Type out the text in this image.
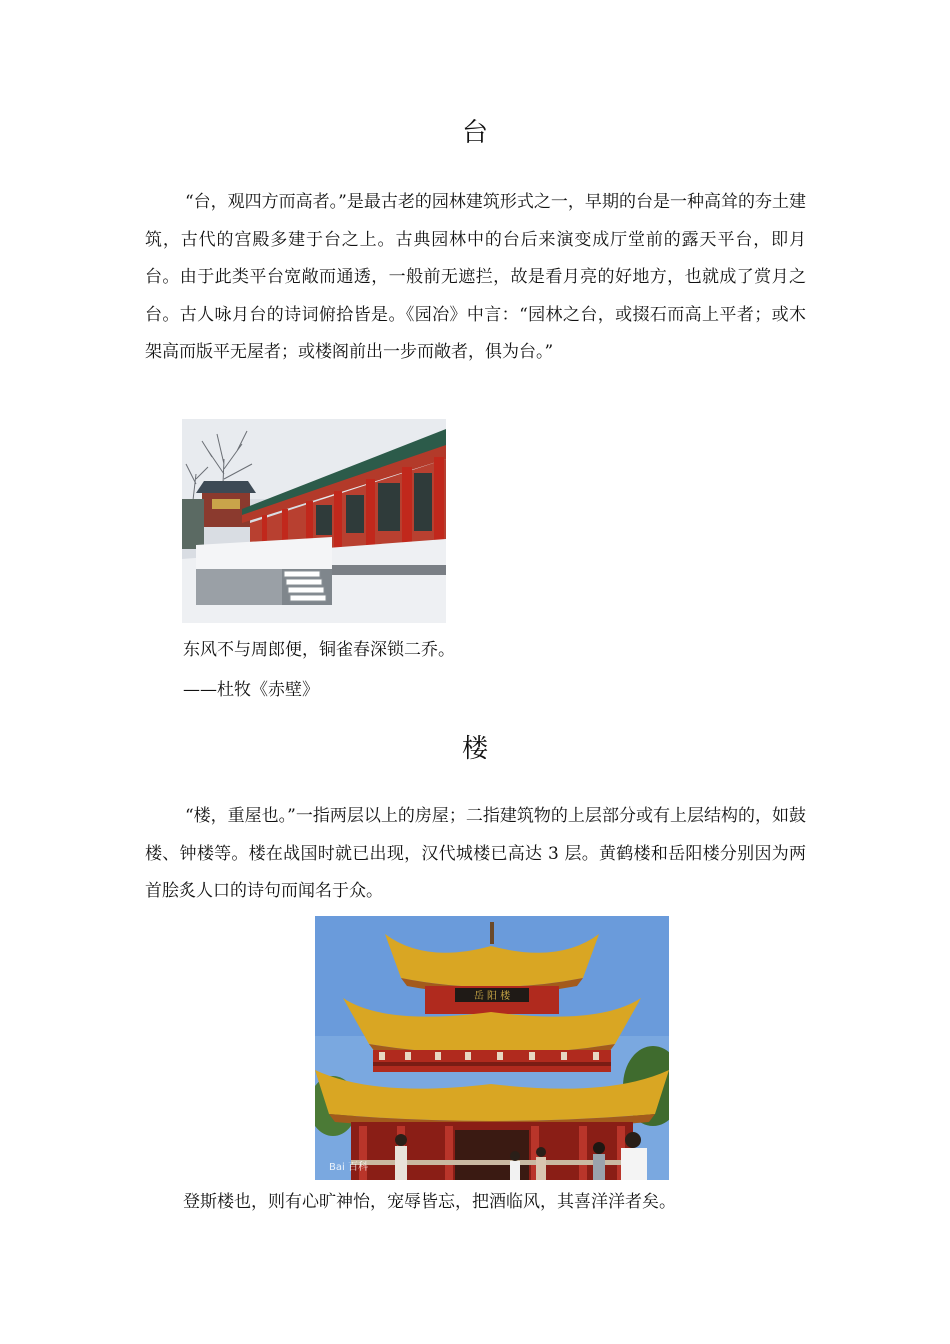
台

“台，观四方而高者。”是最古老的园林建筑形式之一，早期的台是一种高耸的夯土建筑，古代的宫殿多建于台之上。古典园林中的台后来演变成厅堂前的露天平台，即月台。由于此类平台宽敞而通透，一般前无遮拦，故是看月亮的好地方，也就成了赏月之台。古人咏月台的诗词俯拾皆是。《园冶》中言：“园林之台，或掇石而高上平者；或木架高而版平无屋者；或楼阁前出一步而敞者，俱为台。”

东风不与周郎便，铜雀春深锁二乔。
——杜牧《赤壁》
楼

“楼，重屋也。”一指两层以上的房屋；二指建筑物的上层部分或有上层结构的，如鼓楼、钟楼等。楼在战国时就已出现，汉代城楼已高达 3 层。黄鹤楼和岳阳楼分别因为两首脍炙人口的诗句而闻名于众。

岳 阳 楼
Bai 百科
登斯楼也，则有心旷神怡，宠辱皆忘，把酒临风，其喜洋洋者矣。
